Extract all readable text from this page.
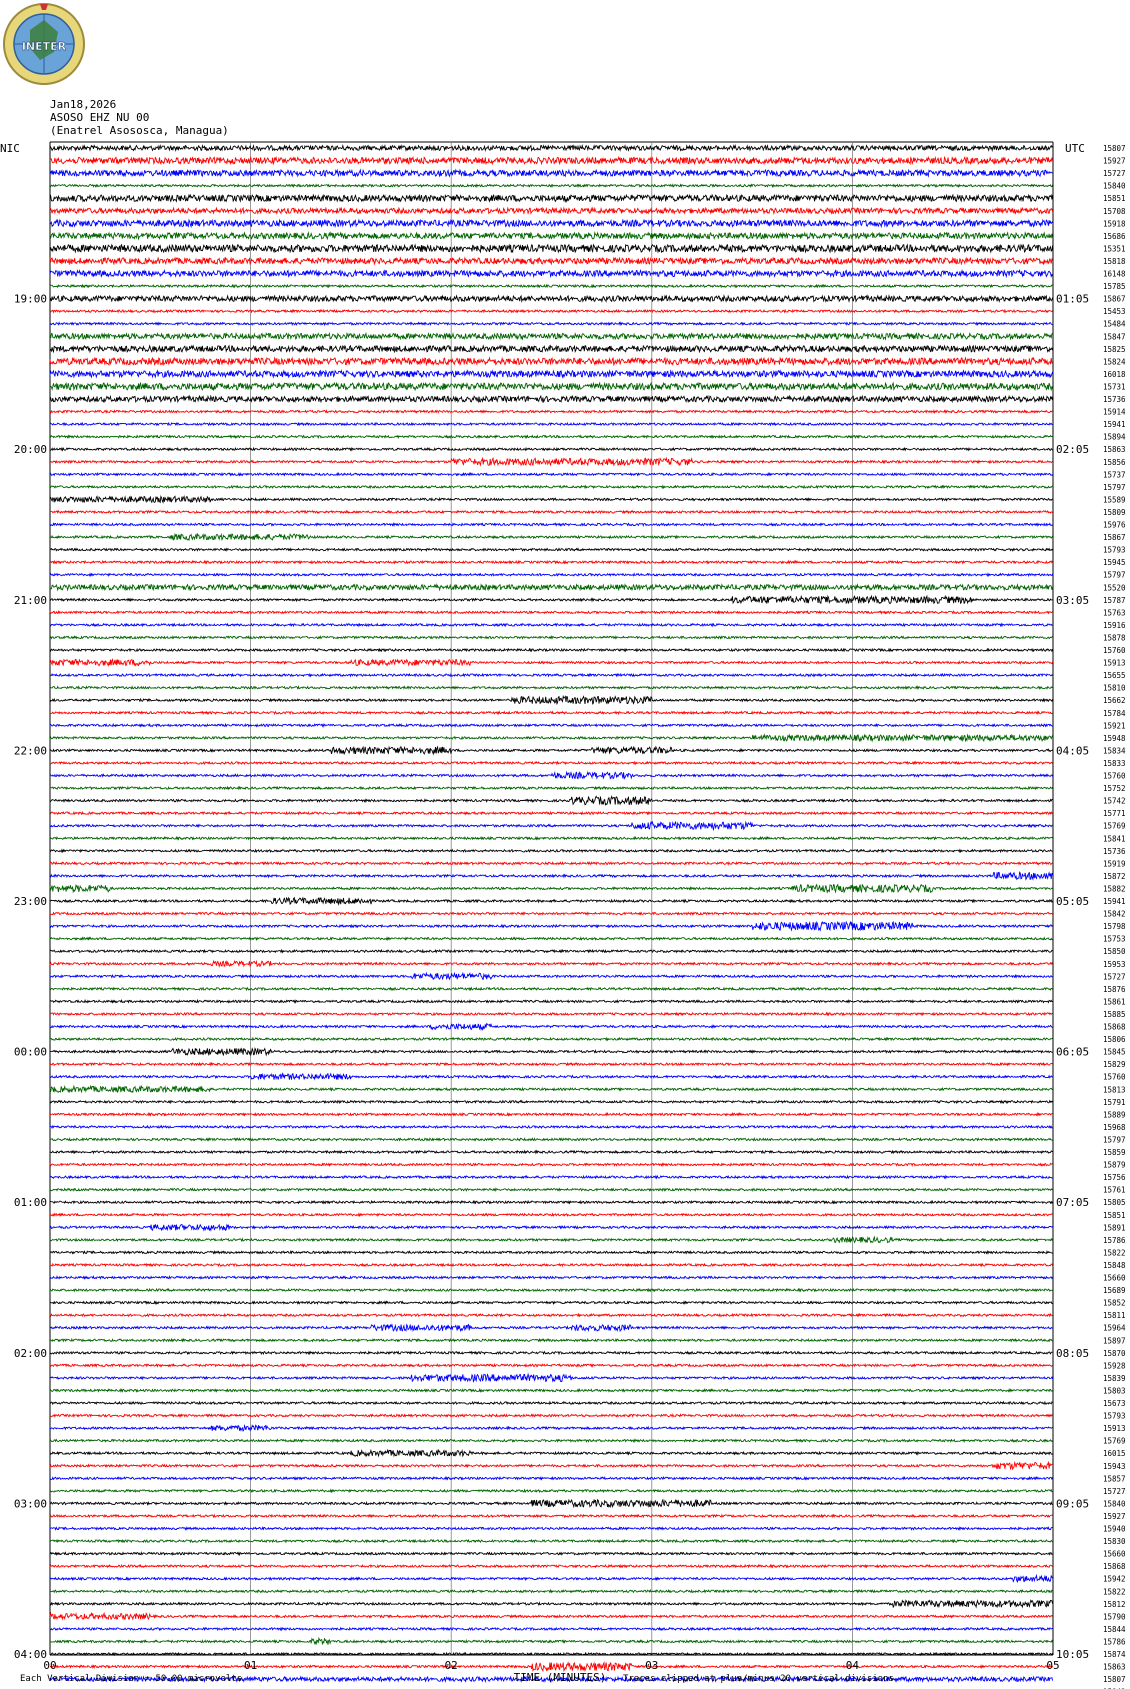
INETER

Jan18,2026

ASOSO EHZ NU 00

(Enatrel Asososca, Managua)

00	01	02	03	04	05
15807
15927
15727
15840
15851
15708
15918
15686
15351
15818
16148
15785
15867
15453
15484
15847
15825
15824
16018
15731
15736
15914
15941
15894
15863
15856
15737
15797
15589
15809
15976
15867
15793
15945
15797
15520
15787
15763
15916
15878
15760
15913
15655
15810
15662
15784
15921
15948
15834
15833
15760
15752
15742
15771
15769
15841
15736
15919
15872
15882
15941
15842
15798
15753
15850
15953
15727
15876
15861
15885
15868
15806
15845
15829
15760
15813
15791
15889
15968
15797
15859
15879
15756
15761
15805
15851
15891
15786
15822
15848
15660
15689
15852
15811
15964
15897
15870
15928
15839
15803
15673
15793
15913
15769
16015
15943
15857
15727
15840
15927
15940
15830
15660
15868
15942
15822
15812
15790
15844
15786
15874
15863
15807
19:00
20:00
21:00
22:00
23:00
00:00
01:00
02:00
03:00
04:00
01:05
02:05
03:05
04:05
05:05
06:05
07:05
08:05
09:05
10:05
NIC	UTC
TIME (MINUTES)
Each Vertical Division = 50.00 microvolts	Traces clipped at plus/minus 20 vertical divisions
